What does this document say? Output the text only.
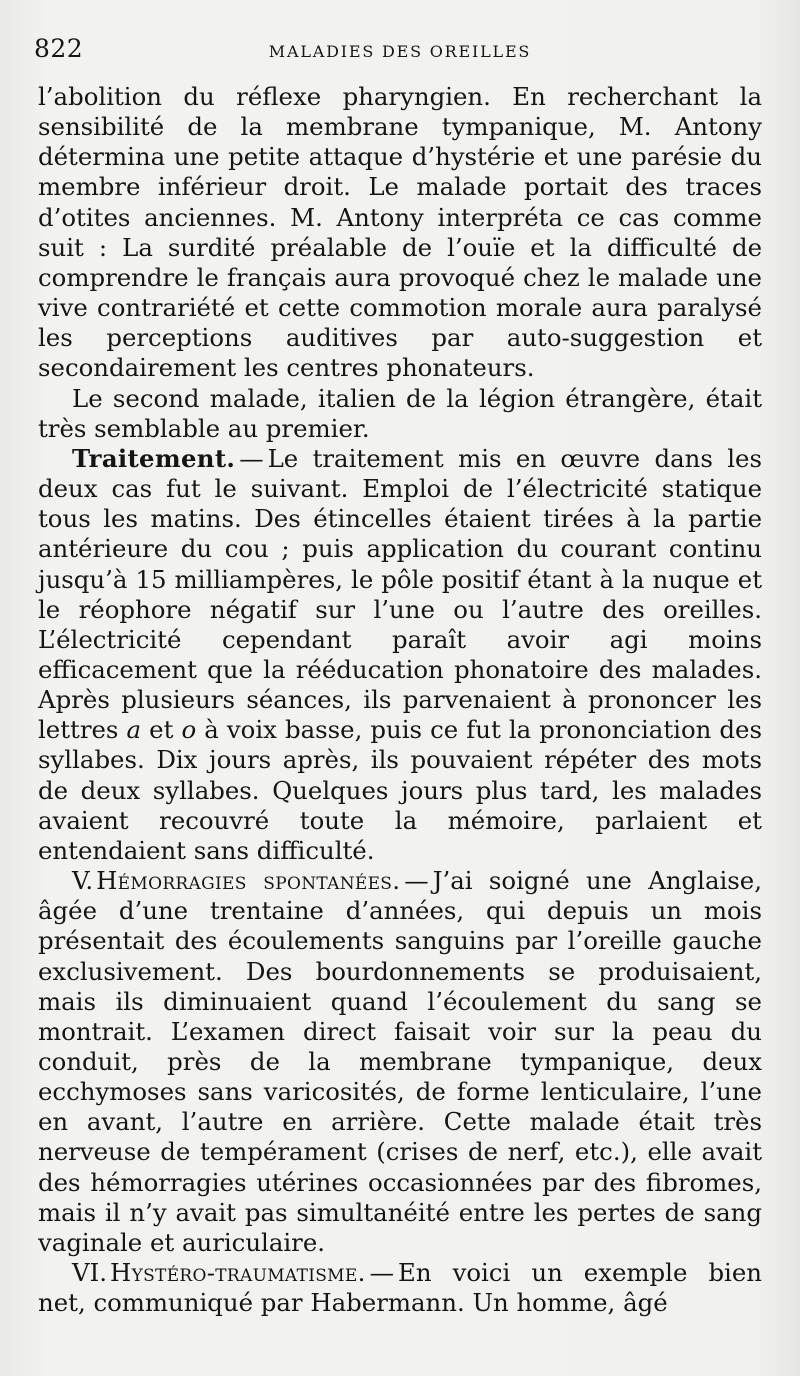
822	MALADIES DES OREILLES

l’abolition du réflexe pharyngien. En recherchant la sensibilité de la membrane tympanique, M. Antony détermina une petite attaque d’hystérie et une parésie du membre inférieur droit. Le malade portait des traces d’otites anciennes. M. Antony interpréta ce cas comme suit : La surdité préalable de l’ouïe et la difficulté de comprendre le français aura provoqué chez le malade une vive contrariété et cette commotion morale aura paralysé les perceptions auditives par auto-suggestion et secondairement les centres phonateurs.

Le second malade, italien de la légion étrangère, était très semblable au premier.

Traitement. — Le traitement mis en œuvre dans les deux cas fut le suivant. Emploi de l’électricité statique tous les matins. Des étincelles étaient tirées à la partie antérieure du cou ; puis application du courant continu jusqu’à 15 milliampères, le pôle positif étant à la nuque et le réophore négatif sur l’une ou l’autre des oreilles. L’électricité cependant paraît avoir agi moins efficacement que la rééducation phonatoire des malades. Après plusieurs séances, ils parvenaient à prononcer les lettres a et o à voix basse, puis ce fut la prononciation des syllabes. Dix jours après, ils pouvaient répéter des mots de deux syllabes. Quelques jours plus tard, les malades avaient recouvré toute la mémoire, parlaient et entendaient sans difficulté.

V. Hémorragies spontanées. — J’ai soigné une Anglaise, âgée d’une trentaine d’années, qui depuis un mois présentait des écoulements sanguins par l’oreille gauche exclusivement. Des bourdonnements se produisaient, mais ils diminuaient quand l’écoulement du sang se montrait. L’examen direct faisait voir sur la peau du conduit, près de la membrane tympanique, deux ecchymoses sans varicosités, de forme lenticulaire, l’une en avant, l’autre en arrière. Cette malade était très nerveuse de tempérament (crises de nerf, etc.), elle avait des hémorragies utérines occasionnées par des fibromes, mais il n’y avait pas simultanéité entre les pertes de sang vaginale et auriculaire.

VI. Hystéro-traumatisme. — En voici un exemple bien net, communiqué par Habermann. Un homme, âgé
